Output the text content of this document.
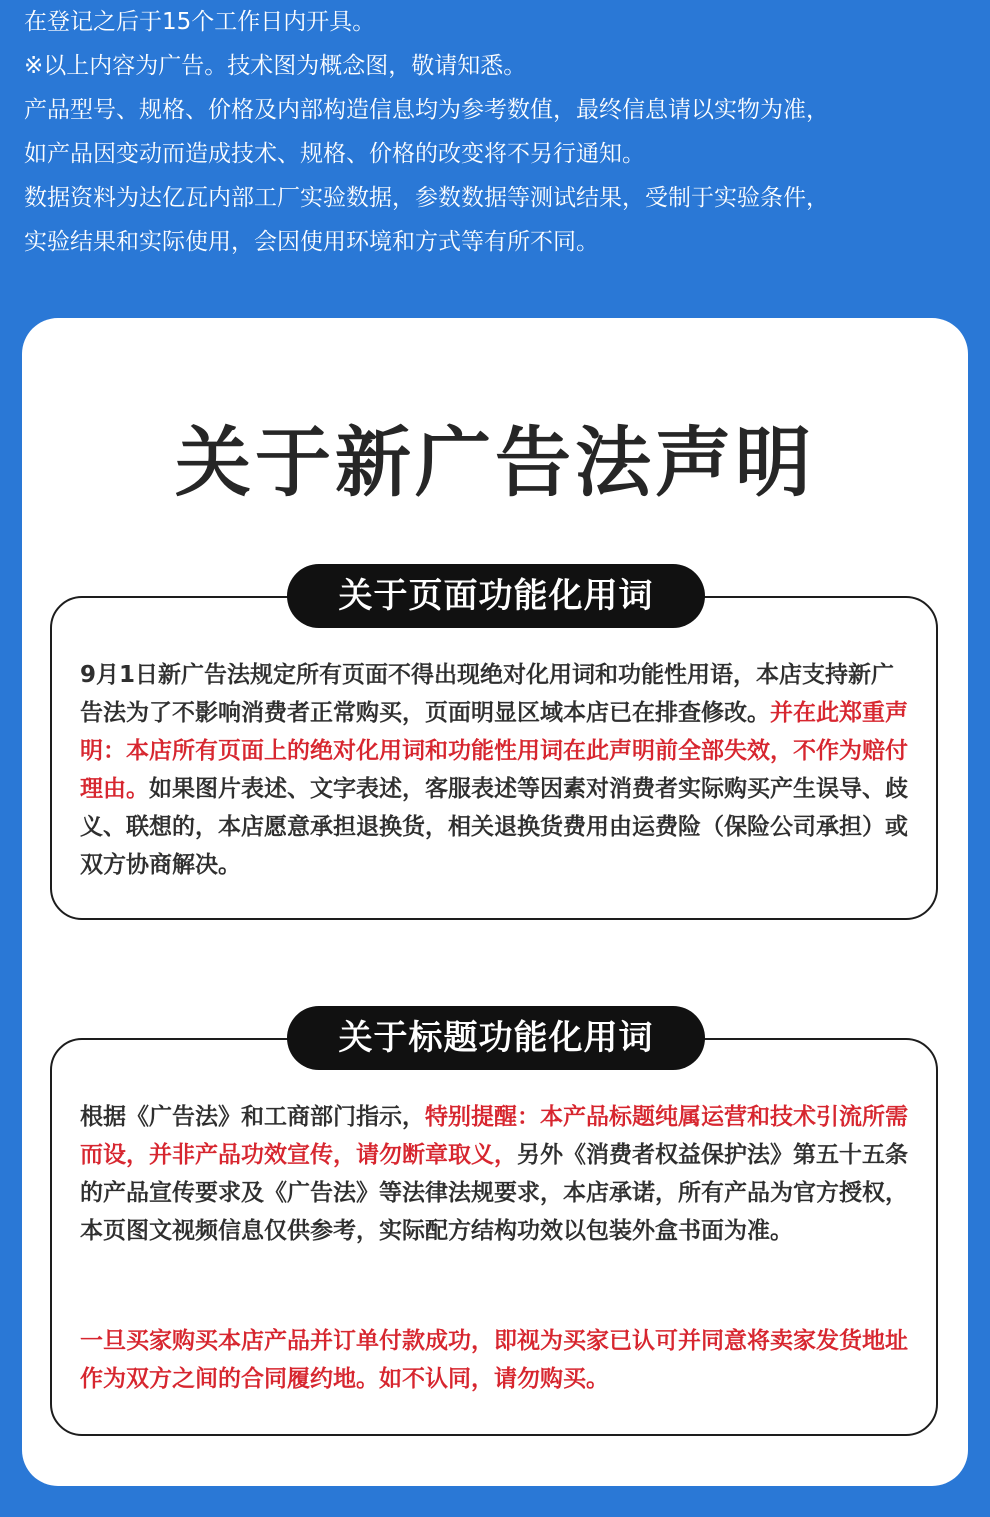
在登记之后于15个工作日内开具。
※以上内容为广告。技术图为概念图，敬请知悉。
产品型号、规格、价格及内部构造信息均为参考数值，最终信息请以实物为准，
如产品因变动而造成技术、规格、价格的改变将不另行通知。
数据资料为达亿瓦内部工厂实验数据，参数数据等测试结果，受制于实验条件，
实验结果和实际使用，会因使用环境和方式等有所不同。
关于新广告法声明
关于页面功能化用词
9月1日新广告法规定所有页面不得出现绝对化用词和功能性用语，本店支持新广告法为了不影响消费者正常购买，页面明显区域本店已在排查修改。并在此郑重声明：本店所有页面上的绝对化用词和功能性用词在此声明前全部失效，不作为赔付理由。如果图片表述、文字表述，客服表述等因素对消费者实际购买产生误导、歧义、联想的，本店愿意承担退换货，相关退换货费用由运费险（保险公司承担）或双方协商解决。
关于标题功能化用词
根据《广告法》和工商部门指示，特别提醒：本产品标题纯属运营和技术引流所需而设，并非产品功效宣传，请勿断章取义，另外《消费者权益保护法》第五十五条的产品宣传要求及《广告法》等法律法规要求，本店承诺，所有产品为官方授权，本页图文视频信息仅供参考，实际配方结构功效以包装外盒书面为准。
一旦买家购买本店产品并订单付款成功，即视为买家已认可并同意将卖家发货地址作为双方之间的合同履约地。如不认同，请勿购买。
